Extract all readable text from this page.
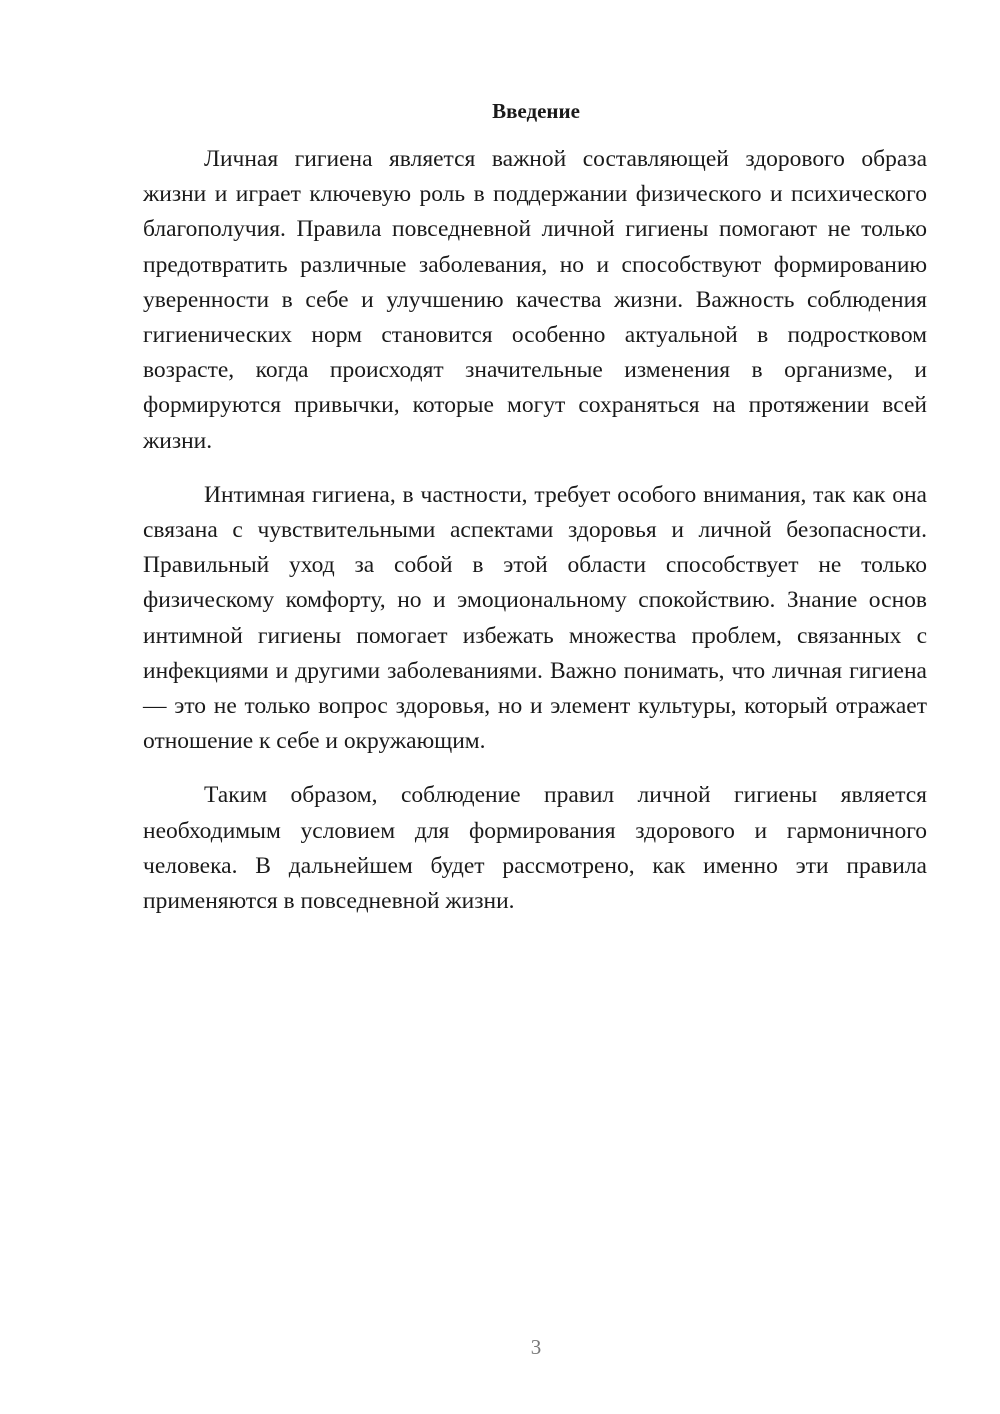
Введение

Личная гигиена является важной составляющей здорового образа жизни и играет ключевую роль в поддержании физического и психического благополучия. Правила повседневной личной гигиены помогают не только предотвратить различные заболевания, но и способствуют формированию уверенности в себе и улучшению качества жизни. Важность соблюдения гигиенических норм становится особенно актуальной в подростковом возрасте, когда происходят значительные изменения в организме, и формируются привычки, которые могут сохраняться на протяжении всей жизни.

Интимная гигиена, в частности, требует особого внимания, так как она связана с чувствительными аспектами здоровья и личной безопасности. Правильный уход за собой в этой области способствует не только физическому комфорту, но и эмоциональному спокойствию. Знание основ интимной гигиены помогает избежать множества проблем, связанных с инфекциями и другими заболеваниями. Важно понимать, что личная гигиена — это не только вопрос здоровья, но и элемент культуры, который отражает отношение к себе и окружающим.

Таким образом, соблюдение правил личной гигиены является необходимым условием для формирования здорового и гармоничного человека. В дальнейшем будет рассмотрено, как именно эти правила применяются в повседневной жизни.

3
